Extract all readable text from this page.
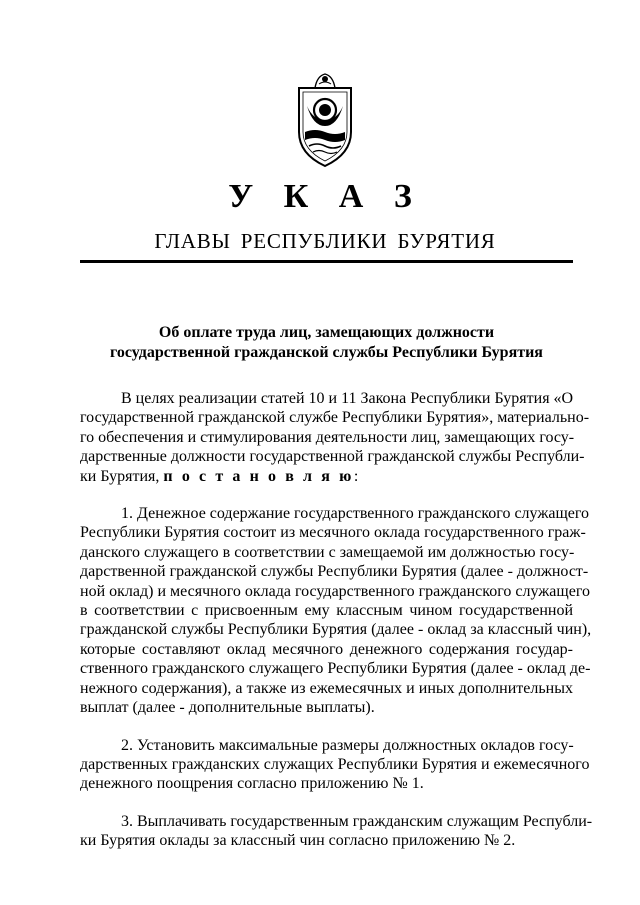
У К А З
ГЛАВЫ РЕСПУБЛИКИ БУРЯТИЯ
Об оплате труда лиц, замещающих должности
государственной гражданской службы Республики Бурятия
В целях реализации статей 10 и 11 Закона Республики Бурятия «О
государственной гражданской службе Республики Бурятия», материально-
го обеспечения и стимулирования деятельности лиц, замещающих госу-
дарственные должности государственной гражданской службы Республи-
ки Бурятия, п о с т а н о в л я ю:
1. Денежное содержание государственного гражданского служащего
Республики Бурятия состоит из месячного оклада государственного граж-
данского служащего в соответствии с замещаемой им должностью госу-
дарственной гражданской службы Республики Бурятия (далее - должност-
ной оклад) и месячного оклада государственного гражданского служащего
в соответствии с присвоенным ему классным чином государственной
гражданской службы Республики Бурятия (далее - оклад за классный чин),
которые составляют оклад месячного денежного содержания государ-
ственного гражданского служащего Республики Бурятия (далее - оклад де-
нежного содержания), а также из ежемесячных и иных дополнительных
выплат (далее - дополнительные выплаты).
2. Установить максимальные размеры должностных окладов госу-
дарственных гражданских служащих Республики Бурятия и ежемесячного
денежного поощрения согласно приложению № 1.
3. Выплачивать государственным гражданским служащим Республи-
ки Бурятия оклады за классный чин согласно приложению № 2.
